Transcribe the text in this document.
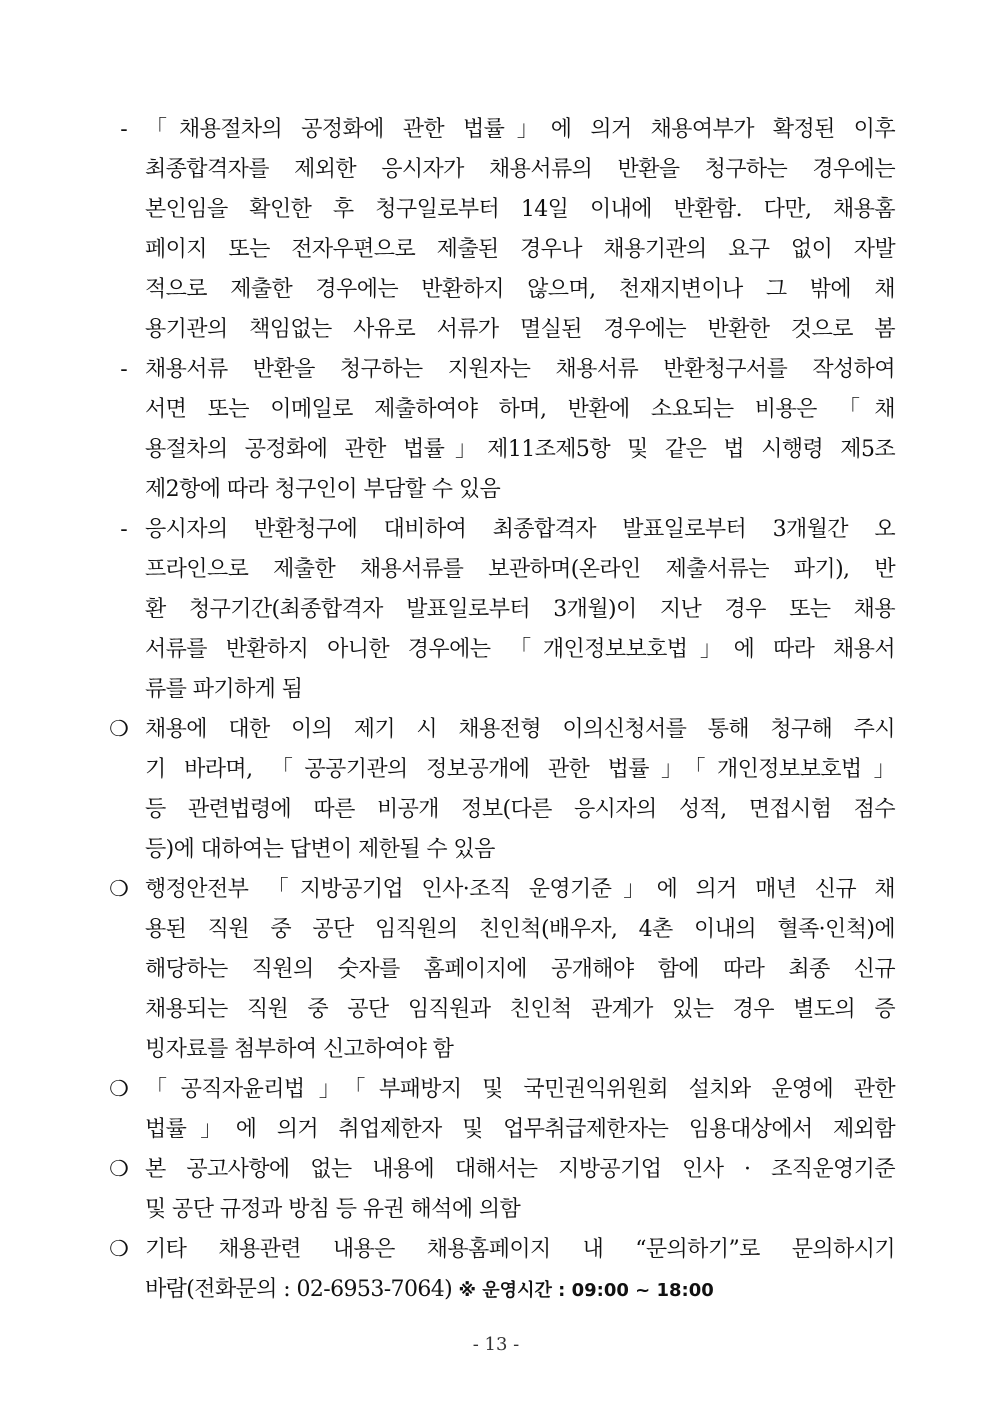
- 「채용절차의 공정화에 관한 법률」에 의거 채용여부가 확정된 이후
최종합격자를 제외한 응시자가 채용서류의 반환을 청구하는 경우에는
본인임을 확인한 후 청구일로부터 14일 이내에 반환함. 다만, 채용홈
페이지 또는 전자우편으로 제출된 경우나 채용기관의 요구 없이 자발
적으로 제출한 경우에는 반환하지 않으며, 천재지변이나 그 밖에 채
용기관의 책임없는 사유로 서류가 멸실된 경우에는 반환한 것으로 봄
- 채용서류 반환을 청구하는 지원자는 채용서류 반환청구서를 작성하여
서면 또는 이메일로 제출하여야 하며, 반환에 소요되는 비용은 「채
용절차의 공정화에 관한 법률」제11조제5항 및 같은 법 시행령 제5조
제2항에 따라 청구인이 부담할 수 있음
- 응시자의 반환청구에 대비하여 최종합격자 발표일로부터 3개월간 오
프라인으로 제출한 채용서류를 보관하며(온라인 제출서류는 파기), 반
환 청구기간(최종합격자 발표일로부터 3개월)이 지난 경우 또는 채용
서류를 반환하지 아니한 경우에는 「개인정보보호법」에 따라 채용서
류를 파기하게 됨
❍ 채용에 대한 이의 제기 시 채용전형 이의신청서를 통해 청구해 주시
기 바라며, 「공공기관의 정보공개에 관한 법률」「개인정보보호법」
등 관련법령에 따른 비공개 정보(다른 응시자의 성적, 면접시험 점수
등)에 대하여는 답변이 제한될 수 있음
❍ 행정안전부 「지방공기업 인사·조직 운영기준」에 의거 매년 신규 채
용된 직원 중 공단 임직원의 친인척(배우자, 4촌 이내의 혈족·인척)에
해당하는 직원의 숫자를 홈페이지에 공개해야 함에 따라 최종 신규
채용되는 직원 중 공단 임직원과 친인척 관계가 있는 경우 별도의 증
빙자료를 첨부하여 신고하여야 함
❍ 「공직자윤리법」「부패방지 및 국민권익위원회 설치와 운영에 관한
법률」에 의거 취업제한자 및 업무취급제한자는 임용대상에서 제외함
❍ 본 공고사항에 없는 내용에 대해서는 지방공기업 인사 · 조직운영기준
및 공단 규정과 방침 등 유권 해석에 의함
❍ 기타 채용관련 내용은 채용홈페이지 내 “문의하기”로 문의하시기
바람(전화문의 : 02-6953-7064) ※ 운영시간 : 09:00 ~ 18:00
- 13 -
